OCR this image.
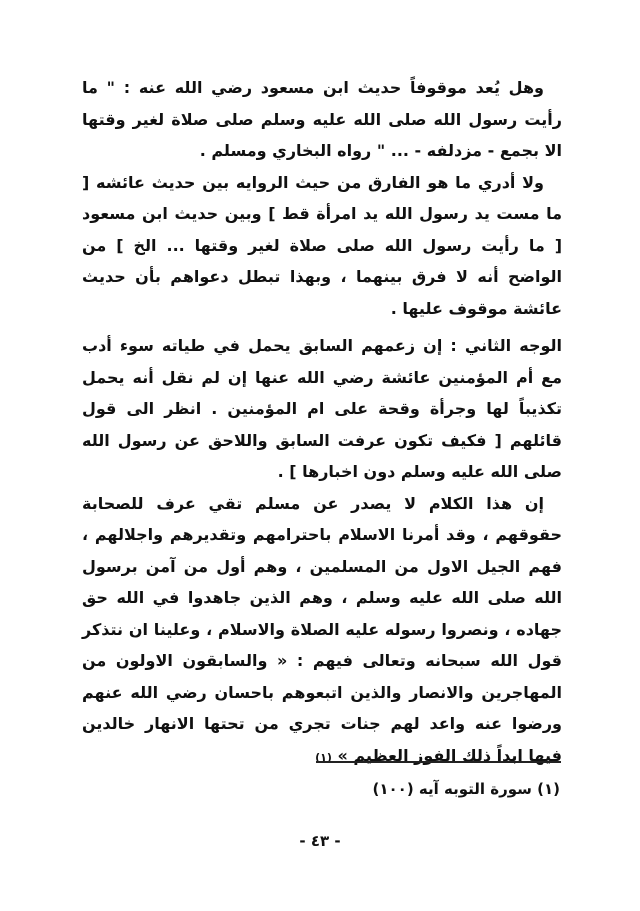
وهل يُعد موقوفاً حديث ابن مسعود رضي الله عنه : " ما رأيت رسول الله صلى الله عليه وسلم صلى صلاة لغير وقتها الا بجمع - مزدلفه - ... " رواه البخاري ومسلم .

ولا أدري ما هو الفارق من حيث الروايه بين حديث عائشه [ ما مست يد رسول الله يد امرأة قط ] وبين حديث ابن مسعود [ ما رأيت رسول الله صلى صلاة لغير وقتها ... الخ ] من الواضح أنه لا فرق بينهما ، وبهذا تبطل دعواهم بأن حديث عائشة موقوف عليها .

الوجه الثاني : إن زعمهم السابق يحمل في طياته سوء أدب مع أم المؤمنين عائشة رضي الله عنها إن لم نقل أنه يحمل تكذيباً لها وجرأة وقحة على ام المؤمنين . انظر الى قول قائلهم [ فكيف تكون عرفت السابق واللاحق عن رسول الله صلى الله عليه وسلم دون اخبارها ] .

إن هذا الكلام لا يصدر عن مسلم تقي عرف للصحابة حقوقهم ، وقد أمرنا الاسلام باحترامهم وتقديرهم واجلالهم ، فهم الجيل الاول من المسلمين ، وهم أول من آمن برسول الله صلى الله عليه وسلم ، وهم الذين جاهدوا في الله حق جهاده ، ونصروا رسوله عليه الصلاة والاسلام ، وعلينا ان نتذكر قول الله سبحانه وتعالى فيهم : « والسابقون الاولون من المهاجرين والانصار والذين اتبعوهم باحسان رضي الله عنهم ورضوا عنه واعد لهم جنات تجري من تحتها الانهار خالدين فيها ابداً ذلك الفوز العظيم » (١)

(١) سورة التوبه آيه (١٠٠)
- ٤٣ -
